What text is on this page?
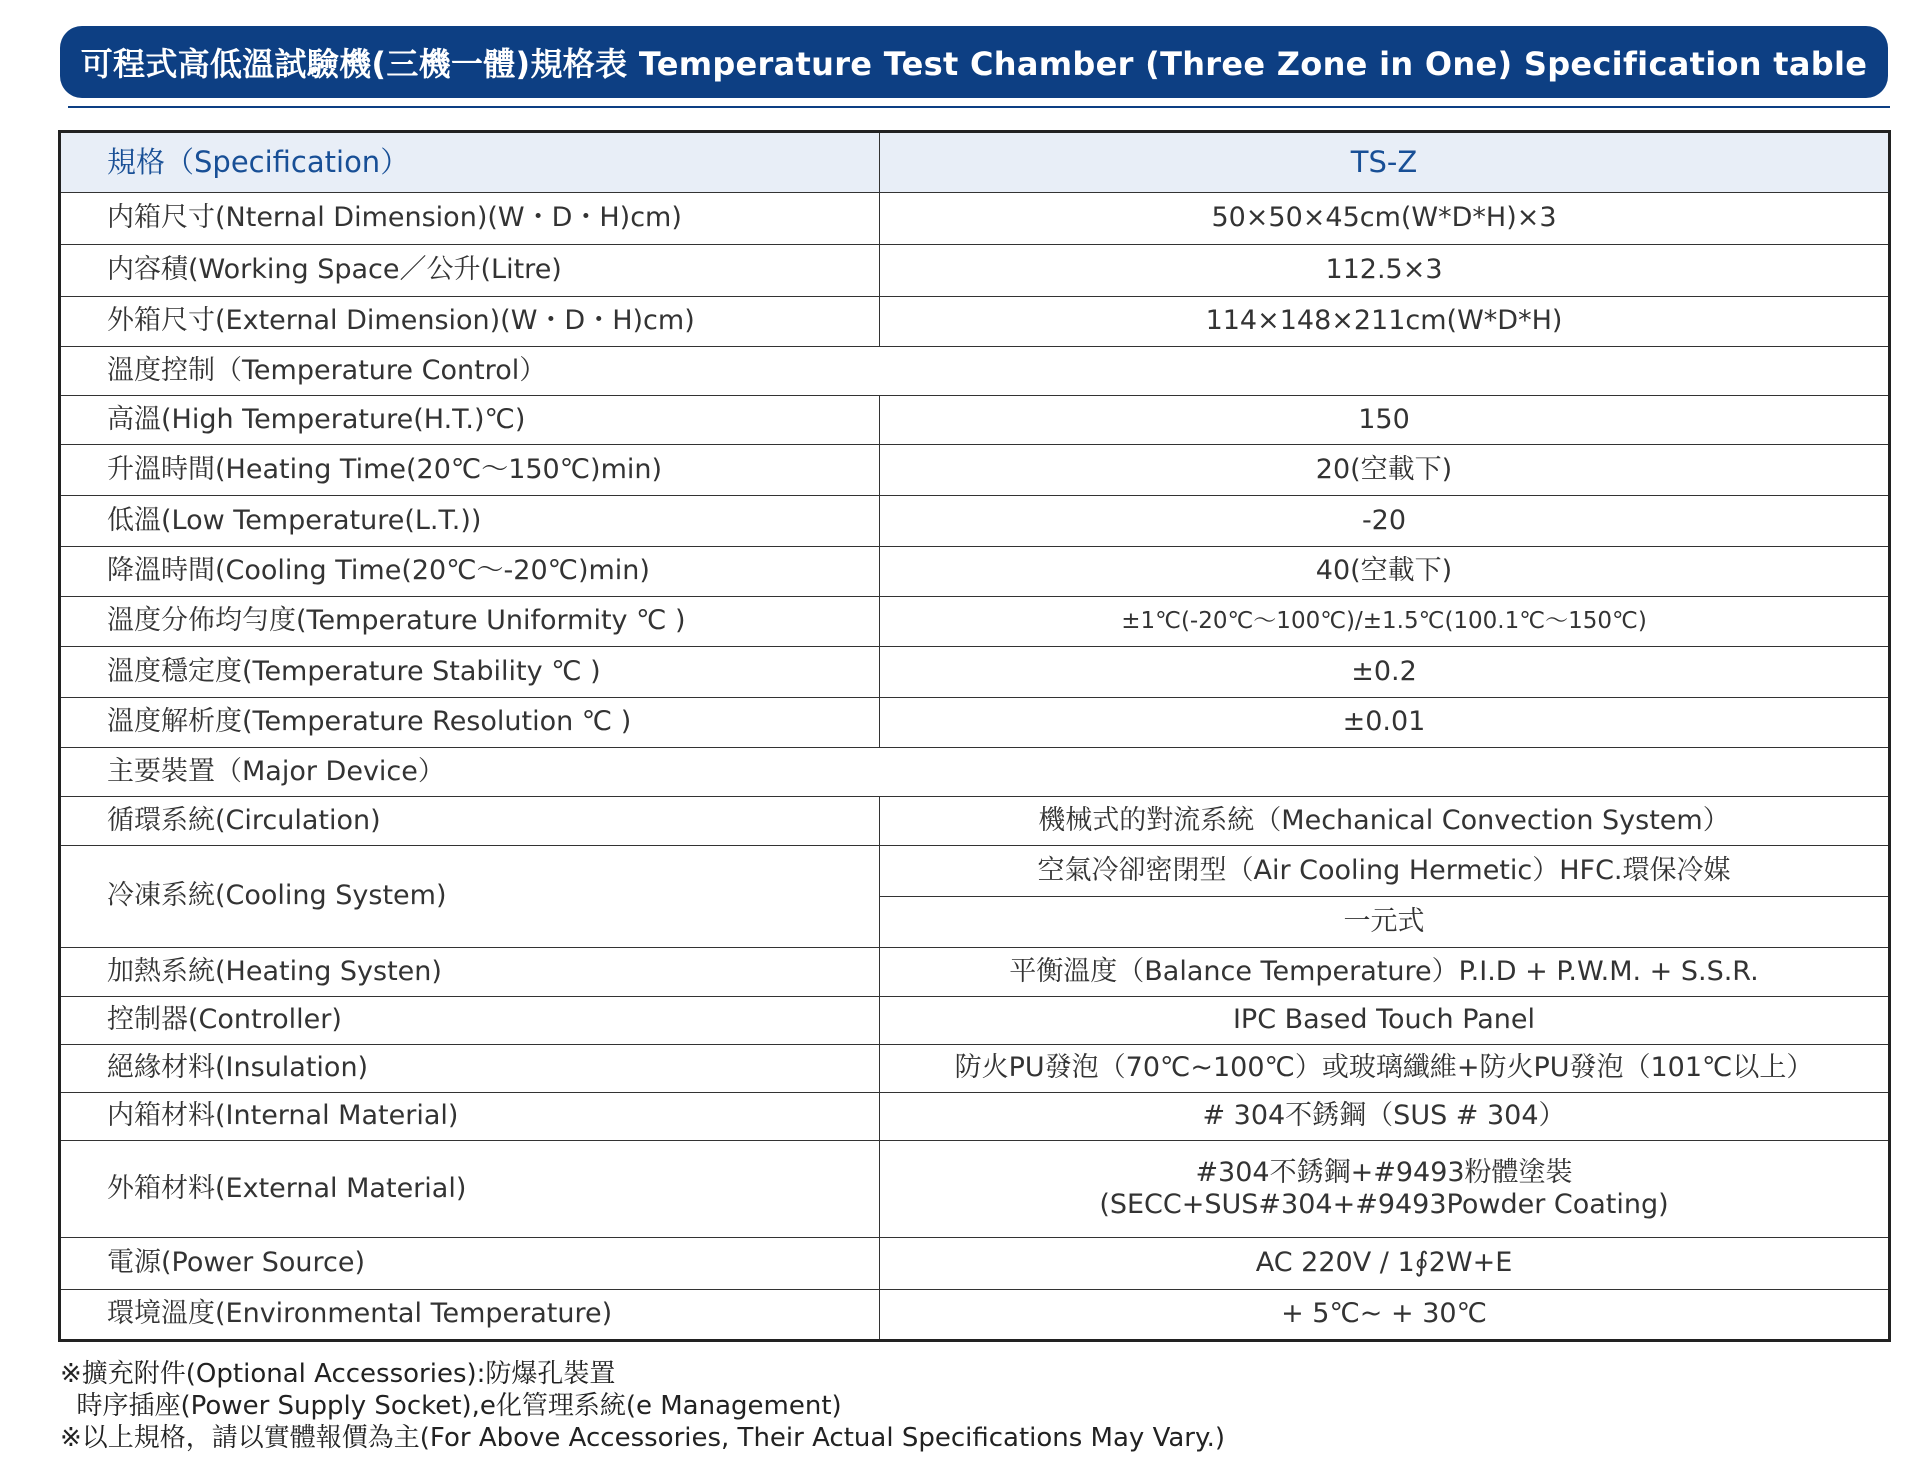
可程式高低溫試驗機(三機一體)規格表 Temperature Test Chamber (Three Zone in One) Specification table
規格（Specification）	TS-Z
内箱尺寸(Nternal Dimension)(W・D・H)cm)	50×50×45cm(W*D*H)×3
内容積(Working Space／公升(Litre)	112.5×3
外箱尺寸(External Dimension)(W・D・H)cm)	114×148×211cm(W*D*H)
溫度控制（Temperature Control）	
高溫(High Temperature(H.T.)℃)	150
升溫時間(Heating Time(20℃～150℃)min)	20(空載下)
低溫(Low Temperature(L.T.))	-20
降溫時間(Cooling Time(20℃～-20℃)min)	40(空載下)
溫度分佈均勻度(Temperature Uniformity ℃ )	±1℃(-20℃～100℃)/±1.5℃(100.1℃～150℃)
溫度穩定度(Temperature Stability ℃ )	±0.2
溫度解析度(Temperature Resolution ℃ )	±0.01
主要裝置（Major Device）	
循環系統(Circulation)	機械式的對流系統（Mechanical Convection System）
冷凍系統(Cooling System)	空氣冷卻密閉型（Air Cooling Hermetic）HFC.環保冷媒
	一元式
加熱系統(Heating Systen)	平衡溫度（Balance Temperature）P.I.D + P.W.M. + S.S.R.
控制器(Controller)	IPC Based Touch Panel
絕緣材料(Insulation)	防火PU發泡（70℃~100℃）或玻璃纖維+防火PU發泡（101℃以上）
内箱材料(Internal Material)	# 304不銹鋼（SUS # 304）
外箱材料(External Material)	#304不銹鋼+#9493粉體塗裝
(SECC+SUS#304+#9493Powder Coating)

電源(Power Source)	AC 220V / 1∮2W+E
環境溫度(Environmental Temperature)	+ 5℃~ + 30℃
※擴充附件(Optional Accessories):防爆孔裝置
時序插座(Power Supply Socket),e化管理系統(e Management)
※以上規格，請以實體報價為主(For Above Accessories, Their Actual Specifications May Vary.)
